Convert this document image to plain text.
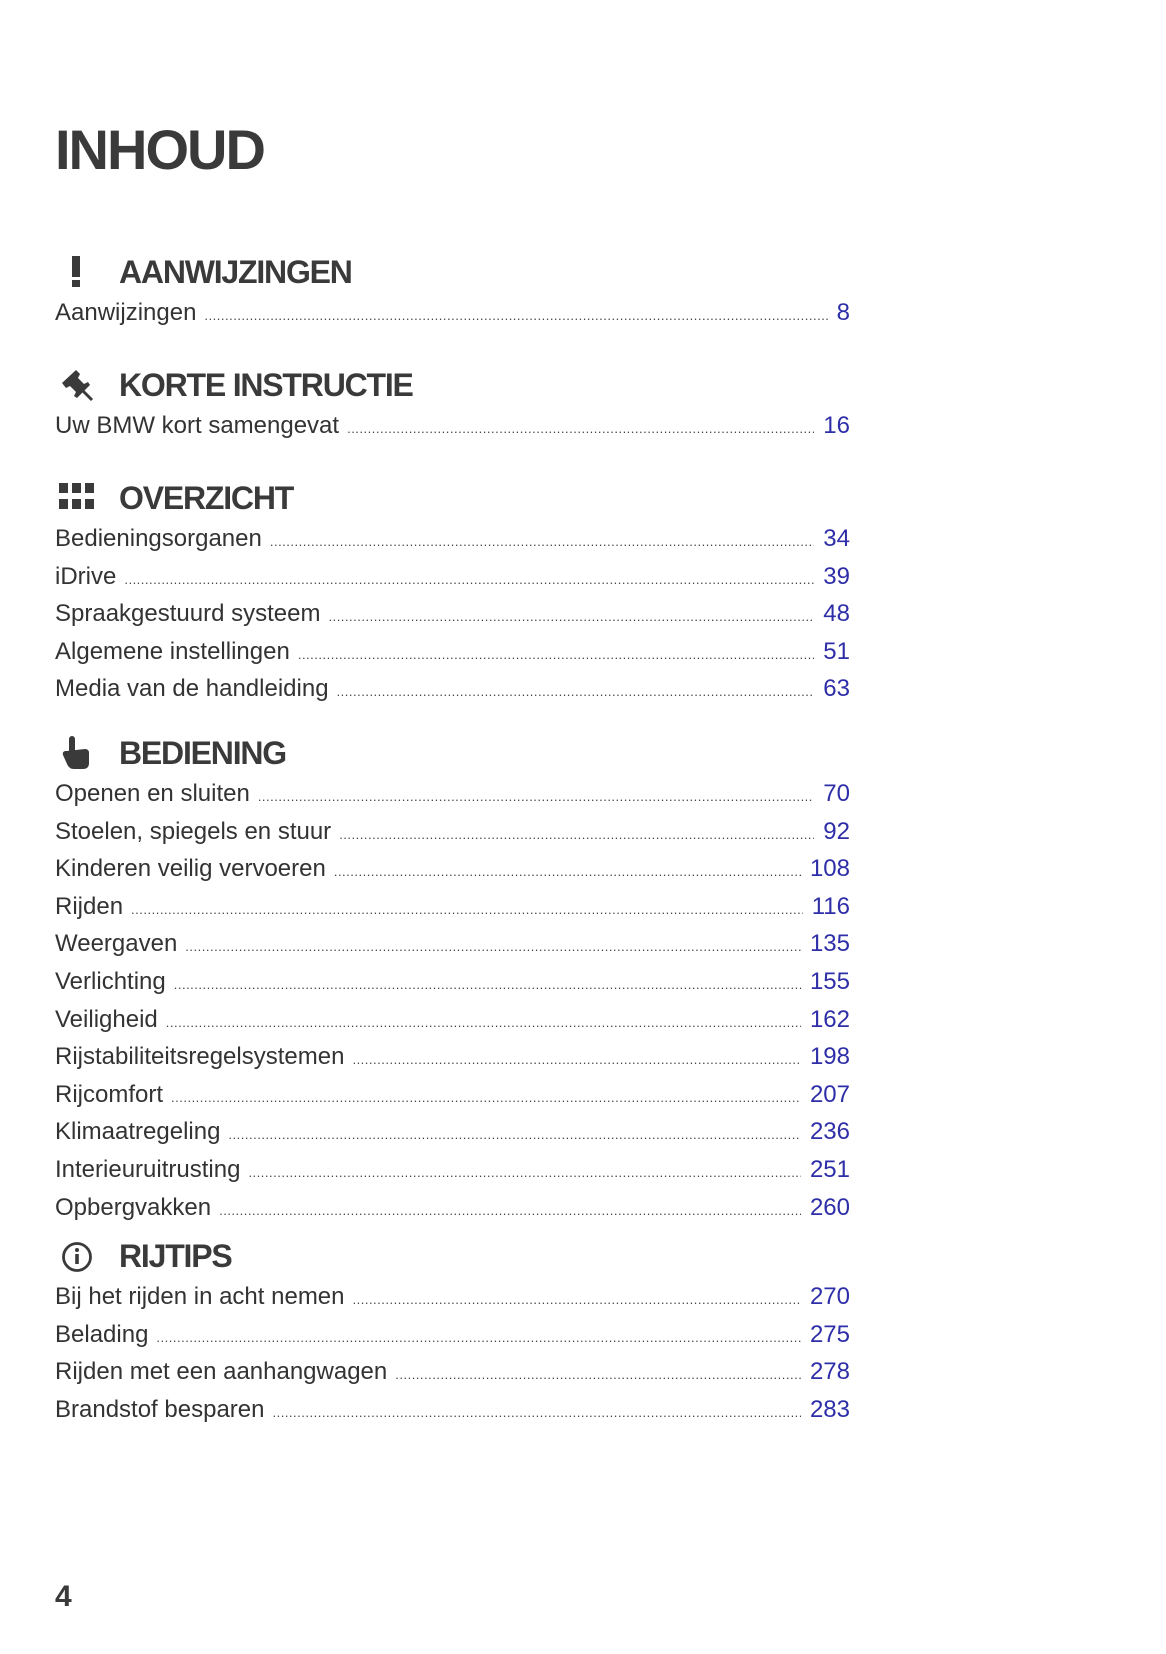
INHOUD
AANWIJZINGEN
Aanwijzingen .....	8
KORTE INSTRUCTIE
Uw BMW kort samengevat .....	16
OVERZICHT
Bedieningsorganen .....	34
iDrive .....	39
Spraakgestuurd systeem .....	48
Algemene instellingen .....	51
Media van de handleiding .....	63
BEDIENING
Openen en sluiten .....	70
Stoelen, spiegels en stuur .....	92
Kinderen veilig vervoeren .....	108
Rijden .....	116
Weergaven .....	135
Verlichting .....	155
Veiligheid .....	162
Rijstabiliteitsregelsystemen .....	198
Rijcomfort .....	207
Klimaatregeling .....	236
Interieuruitrusting .....	251
Opbergvakken .....	260
RIJTIPS
Bij het rijden in acht nemen .....	270
Belading .....	275
Rijden met een aanhangwagen .....	278
Brandstof besparen .....	283
4
